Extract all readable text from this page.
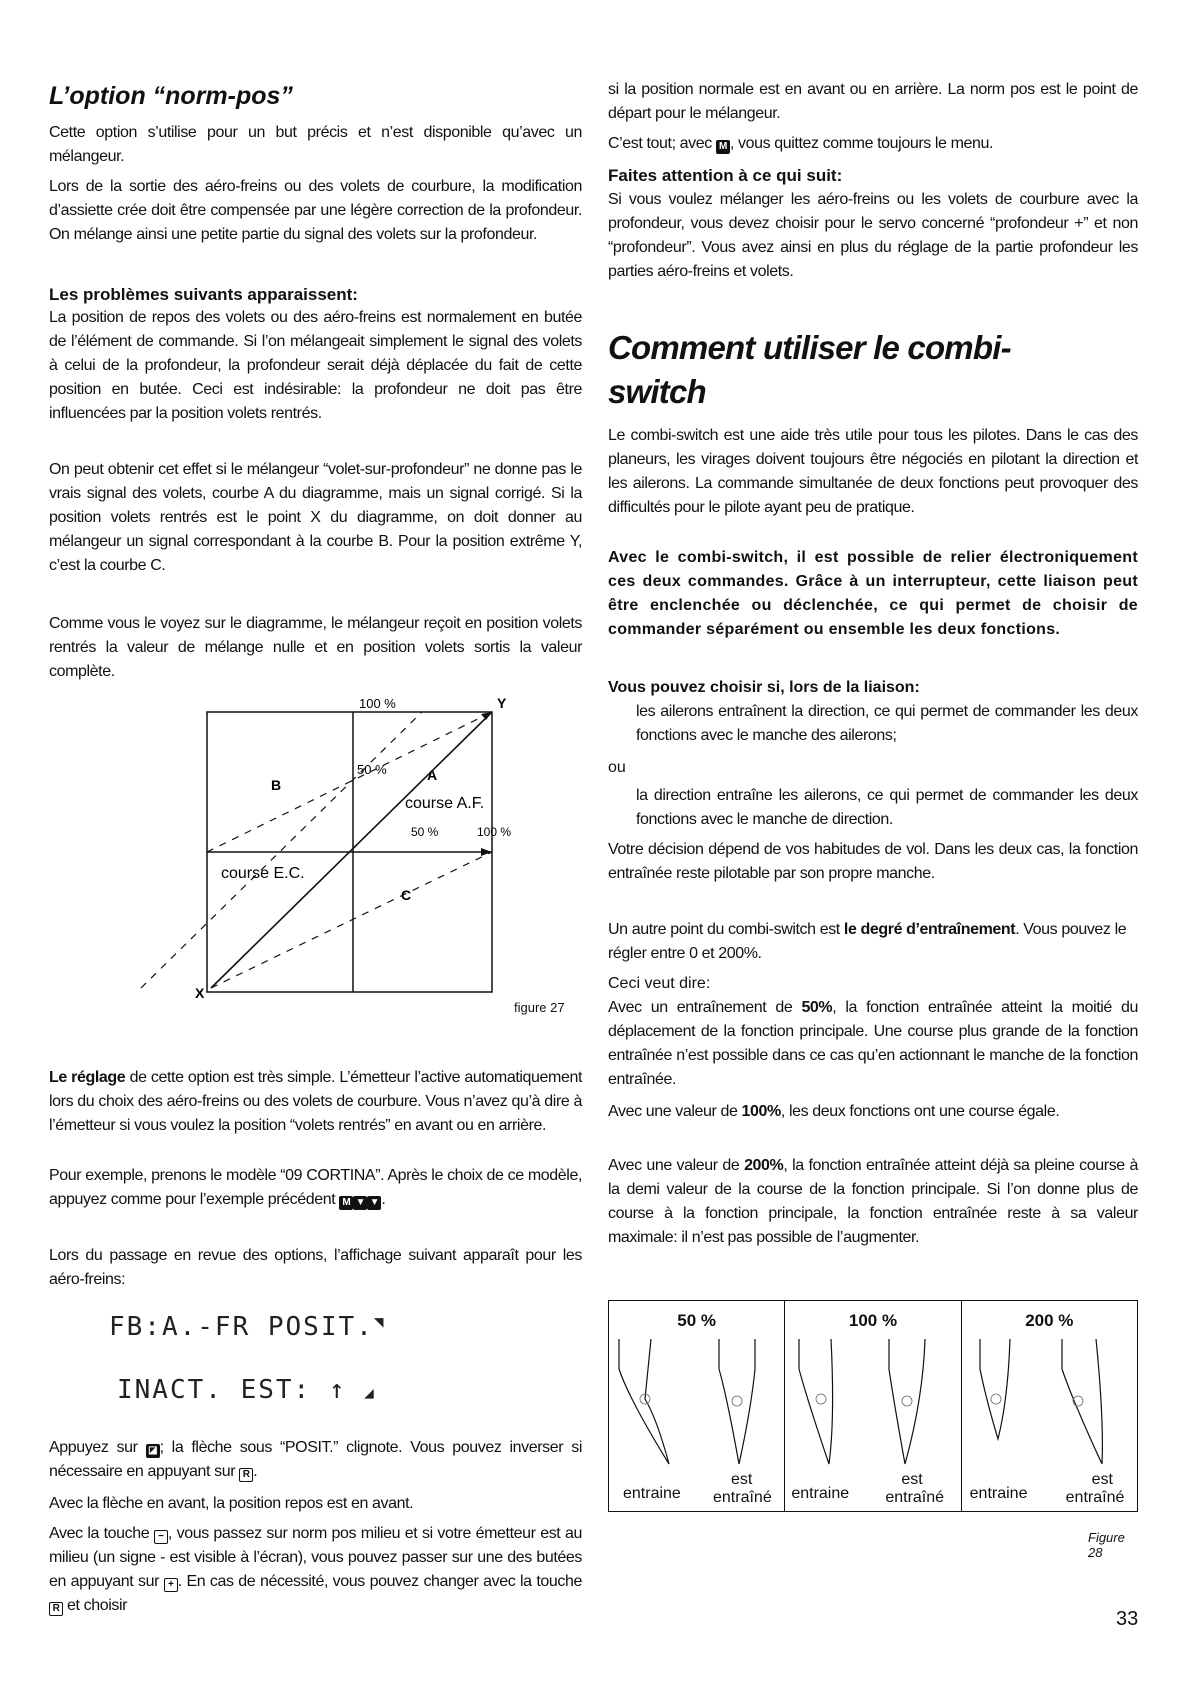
L’option “norm-pos”

Cette option s’utilise pour un but précis et n’est disponible qu’avec un mélangeur.

Lors de la sortie des aéro-freins ou des volets de courbure, la modification d’assiette crée doit être compensée par une légère correction de la profondeur. On mélange ainsi une petite partie du signal des volets sur la profondeur.

Les problèmes suivants apparaissent:

La position de repos des volets ou des aéro-freins est normalement en butée de l’élément de commande. Si l’on mélangeait simplement le signal des volets à celui de la profondeur, la profondeur serait déjà déplacée du fait de cette position en butée. Ceci est indésirable: la profondeur ne doit pas être influencées par la position volets rentrés.

On peut obtenir cet effet si le mélangeur “volet-sur-profondeur” ne donne pas le vrais signal des volets, courbe A du diagramme, mais un signal corrigé. Si la position volets rentrés est le point X du diagramme, on doit donner au mélangeur un signal correspondant à la courbe B. Pour la position extrême Y, c’est la courbe C.

Comme vous le voyez sur le diagramme, le mélangeur reçoit en position volets rentrés la valeur de mélange nulle et en position volets sortis la valeur complète.

100 %	Y
50 %	A
B
course A.F.
50 %	100 %
course E.C.
C
X
figure 27

Le réglage de cette option est très simple. L’émetteur l’active automatiquement lors du choix des aéro-freins ou des volets de courbure. Vous n’avez qu’à dire à l’émetteur si vous voulez la position “volets rentrés” en avant ou en arrière.

Pour exemple, prenons le modèle “09 CORTINA”. Après le choix de ce modèle, appuyez comme pour l’exemple précédent M ▼ ▼ .

Lors du passage en revue des options, l’affichage suivant apparaît pour les aéro-freins:

FB:A.-FR POSIT.◥
INACT. EST: ↑ ◢

Appuyez sur ◪ ; la flèche sous “POSIT.” clignote. Vous pouvez inverser si nécessaire en appuyant sur R .

Avec la flèche en avant, la position repos est en avant.

Avec la touche − , vous passez sur norm pos milieu et si votre émetteur est au milieu (un signe - est visible à l’écran), vous pouvez passer sur une des butées en appuyant sur + . En cas de nécessité, vous pouvez changer avec la touche R et choisir

si la position normale est en avant ou en arrière. La norm pos est le point de départ pour le mélangeur.

C’est tout; avec M , vous quittez comme toujours le menu.

Faites attention à ce qui suit:

Si vous voulez mélanger les aéro-freins ou les volets de courbure avec la profondeur, vous devez choisir pour le servo concerné “profondeur +” et non “profondeur”. Vous avez ainsi en plus du réglage de la partie profondeur les parties aéro-freins et volets.

Comment utiliser le combi-switch

Le combi-switch est une aide très utile pour tous les pilotes. Dans le cas des planeurs, les virages doivent toujours être négociés en pilotant la direction et les ailerons. La commande simultanée de deux fonctions peut provoquer des difficultés pour le pilote ayant peu de pratique.

Avec le combi-switch, il est possible de relier électroniquement ces deux commandes. Grâce à un interrupteur, cette liaison peut être enclenchée ou déclenchée, ce qui permet de choisir de commander séparément ou ensemble les deux fonctions.

Vous pouvez choisir si, lors de la liaison:

les ailerons entraînent la direction, ce qui permet de commander les deux fonctions avec le manche des ailerons;

ou

la direction entraîne les ailerons, ce qui permet de commander les deux fonctions avec le manche de direction.

Votre décision dépend de vos habitudes de vol. Dans les deux cas, la fonction entraînée reste pilotable par son propre manche.

Un autre point du combi-switch est le degré d’entraînement. Vous pouvez le régler entre 0 et 200%.

Ceci veut dire:

Avec un entraînement de 50%, la fonction entraînée atteint la moitié du déplacement de la fonction principale. Une course plus grande de la fonction entraînée n’est possible dans ce cas qu’en actionnant le manche de la fonction entraînée.

Avec une valeur de 100%, les deux fonctions ont une course égale.

Avec une valeur de 200%, la fonction entraînée atteint déjà sa pleine course à la demi valeur de la course de la fonction principale. Si l’on donne plus de course à la fonction principale, la fonction entraînée reste à sa valeur maximale: il n’est pas possible de l’augmenter.

50 %
entraine
est
entraîné
100 %
entraine
est
entraîné
200 %
entraine
est
entraîné
Figure 28
33
